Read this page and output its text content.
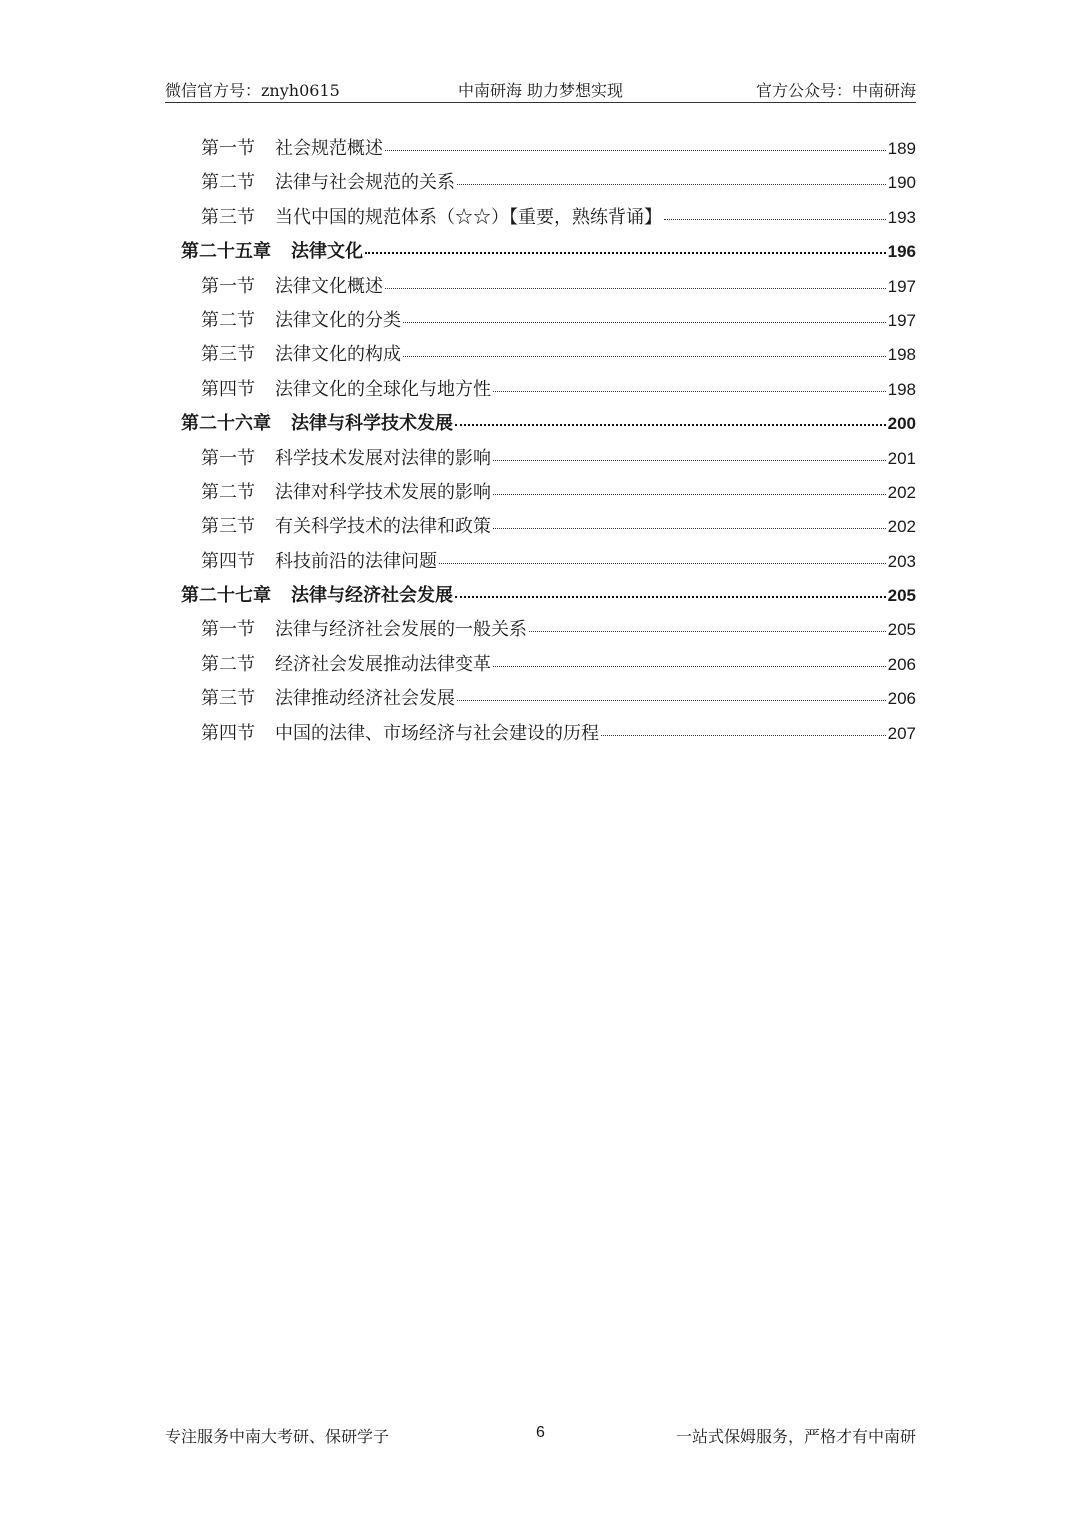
微信官方号：znyh0615	中南研海 助力梦想实现	官方公众号：中南研海
第一节 社会规范概述	189
第二节 法律与社会规范的关系	190
第三节 当代中国的规范体系（☆☆）【重要，熟练背诵】	193
第二十五章 法律文化	196
第一节 法律文化概述	197
第二节 法律文化的分类	197
第三节 法律文化的构成	198
第四节 法律文化的全球化与地方性	198
第二十六章 法律与科学技术发展	200
第一节 科学技术发展对法律的影响	201
第二节 法律对科学技术发展的影响	202
第三节 有关科学技术的法律和政策	202
第四节 科技前沿的法律问题	203
第二十七章 法律与经济社会发展	205
第一节 法律与经济社会发展的一般关系	205
第二节 经济社会发展推动法律变革	206
第三节 法律推动经济社会发展	206
第四节 中国的法律、市场经济与社会建设的历程	207
专注服务中南大考研、保研学子	6	一站式保姆服务，严格才有中南研
